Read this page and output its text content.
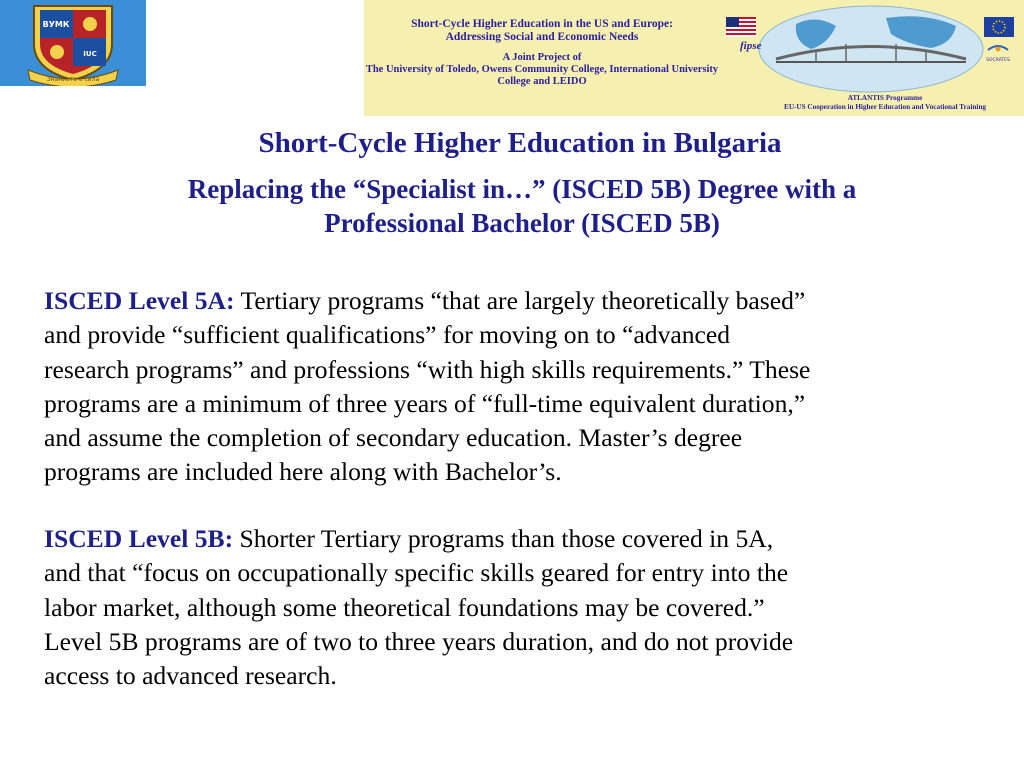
ВУМК
IUC
Знанието е сила
Short-Cycle Higher Education in the US and Europe:
Addressing Social and Economic Needs
A Joint Project of
The University of Toledo, Owens Community College, International University
College and LEIDO
fipse
SOCRATES
ATLANTIS Programme
EU-US Cooperation in Higher Education and Vocational Training
Short-Cycle Higher Education in Bulgaria
Replacing the “Specialist in…” (ISCED 5B) Degree with a
Professional Bachelor (ISCED 5B)
ISCED Level 5A: Tertiary programs “that are largely theoretically based”
and provide “sufficient qualifications” for moving on to “advanced
research programs” and professions “with high skills requirements.” These
programs are a minimum of three years of “full-time equivalent duration,”
and assume the completion of secondary education. Master’s degree
programs are included here along with Bachelor’s.
ISCED Level 5B: Shorter Tertiary programs than those covered in 5A,
and that “focus on occupationally specific skills geared for entry into the
labor market, although some theoretical foundations may be covered.”
Level 5B programs are of two to three years duration, and do not provide
access to advanced research.
